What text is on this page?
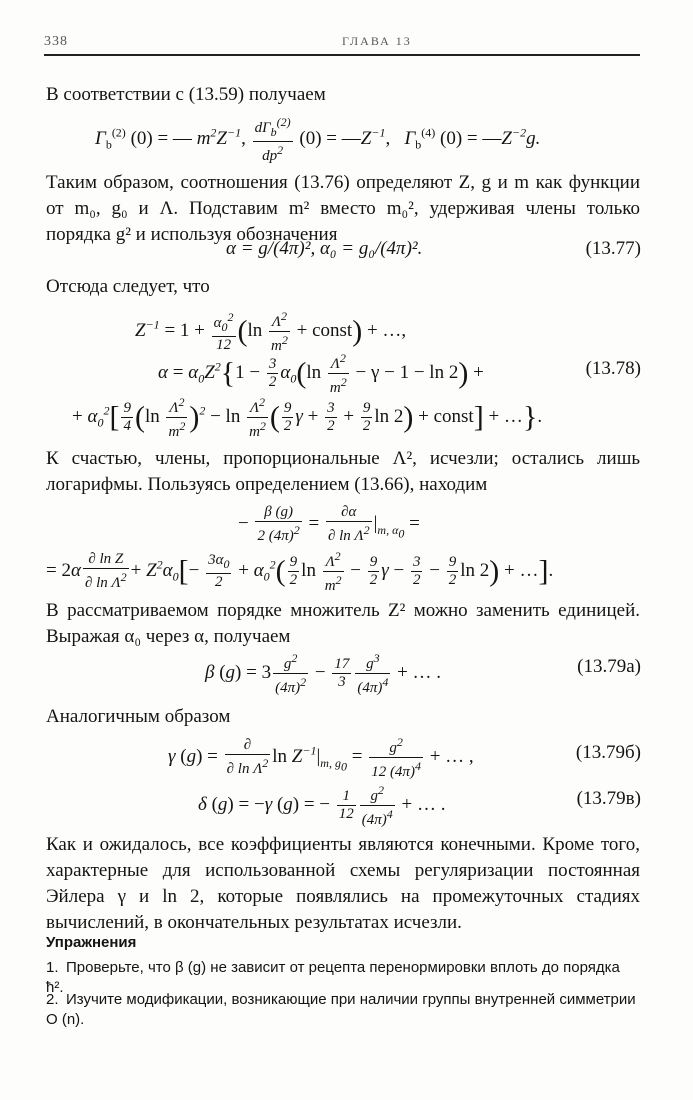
338	ГЛАВА 13
В соответствии с (13.59) получаем
$\Gamma_b^{(2)}$ (0) = — $m^2Z^{-1}$, $\frac{d\Gamma_b^{(2)}}{dp^2} (0)$ = $—Z^{-1}$,   $\Gamma_b^{(4)}$ $(0) = —Z^{-2}g$.
Таким образом, соотношения (13.76) определяют Z, g и m как функции от m₀, g₀ и Λ. Подставим m² вместо m₀², удерживая члены только порядка g² и используя обозначения
α = g/(4π)², α₀ = g₀/(4π)².	(13.77)
Отсюда следует, что
$Z^{-1} = 1 + \frac{\alpha_0^2}{12} (\ln \frac{\Lambda^2}{m^2}$ + const) + …,
$\alpha = \alpha_0Z^2\{1 - \frac{3}{2} \alpha_0(\ln \frac{\Lambda^2}{m^2} - \gamma - 1 - \ln 2)$ +	(13.78)
+ $\alpha_0^2[ \frac{9}{4} (\ln \frac{\Lambda^2}{m^2} )^2 - \ln \frac{\Lambda^2}{m^2}$ ( $\frac{9}{2}$ $\gamma + \frac{3}{2} + \frac{9}{2}$ ln 2) + const] + …}.
К счастью, члены, пропорциональные Λ², исчезли; остались лишь логарифмы. Пользуясь определением (13.66), находим
− $\frac{\beta (g)}{2 (4\pi)^2} = \frac{\partial\alpha}{\partial \ln \Lambda^2} |_{m, \alpha_0}$ =
= $2\alpha \frac{\text{∂ ln Z}}{\partial \ln \Lambda^2} + Z^2\alpha_0[- \frac{3\alpha_0}{2} + \alpha_0^2( \frac{9}{2}$ $\ln \frac{\Lambda^2}{m^2} - \frac{9}{2}$ $\gamma - \frac{3}{2} - \frac{9}{2}$ ln 2) + …].
В рассматриваемом порядке множитель Z² можно заменить единицей. Выражая α₀ через α, получаем
β $(g) = 3 \frac{g^2}{(4\pi)^2} - \frac{17}{3} \frac{g^3}{(4\pi)^4}$ + … .	(13.79а)
Аналогичным образом
γ $(g) = \frac{\partial}{\partial \ln \Lambda^2}$ $\ln Z^{-1}|_{m, g_0} = \frac{g^2}{12 (4\pi)^4}$ + … ,	(13.79б)
δ (g) = −γ (g) = − $\frac{1}{12} \frac{g^2}{(4\pi)^4}$ + … .	(13.79в)
Как и ожидалось, все коэффициенты являются конечными. Кроме того, характерные для использованной схемы регуляризации постоянная Эйлера γ и ln 2, которые появлялись на промежуточных стадиях вычислений, в окончательных результатах исчезли.
Упражнения
1. Проверьте, что β (g) не зависит от рецепта перенормировки вплоть до порядка ħ².
2. Изучите модификации, возникающие при наличии группы внутренней симметрии O (n).
